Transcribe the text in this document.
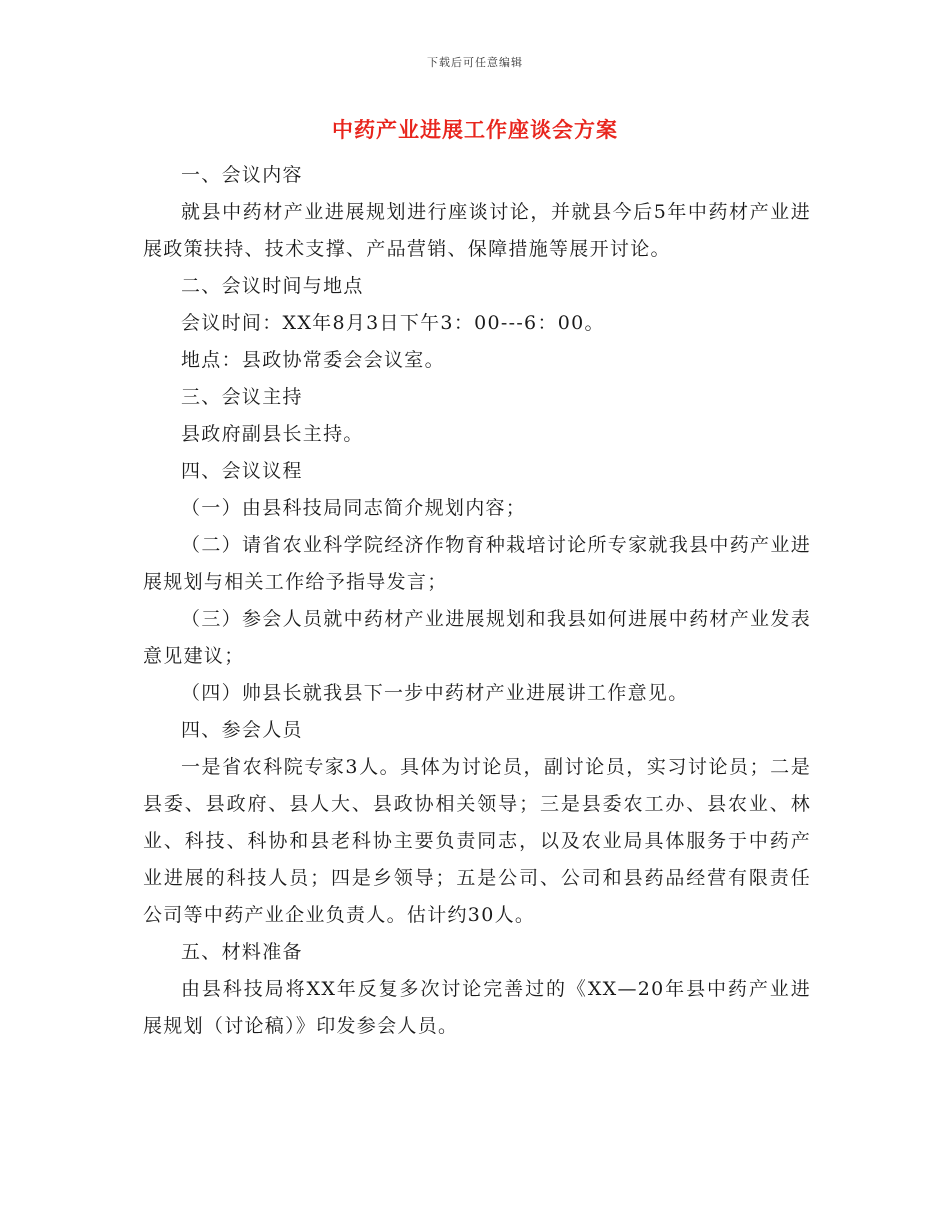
下载后可任意编辑
中药产业进展工作座谈会方案

一、会议内容

就县中药材产业进展规划进行座谈讨论，并就县今后5年中药材产业进展政策扶持、技术支撑、产品营销、保障措施等展开讨论。

二、会议时间与地点

会议时间：XX年8月3日下午3：00---6：00。

地点：县政协常委会会议室。

三、会议主持

县政府副县长主持。

四、会议议程

（一）由县科技局同志简介规划内容；

（二）请省农业科学院经济作物育种栽培讨论所专家就我县中药产业进展规划与相关工作给予指导发言；

（三）参会人员就中药材产业进展规划和我县如何进展中药材产业发表意见建议；

（四）帅县长就我县下一步中药材产业进展讲工作意见。

四、参会人员

一是省农科院专家3人。具体为讨论员，副讨论员，实习讨论员；二是县委、县政府、县人大、县政协相关领导；三是县委农工办、县农业、林业、科技、科协和县老科协主要负责同志，以及农业局具体服务于中药产业进展的科技人员；四是乡领导；五是公司、公司和县药品经营有限责任公司等中药产业企业负责人。估计约30人。

五、材料准备

由县科技局将XX年反复多次讨论完善过的《XX—20年县中药产业进展规划（讨论稿）》印发参会人员。
